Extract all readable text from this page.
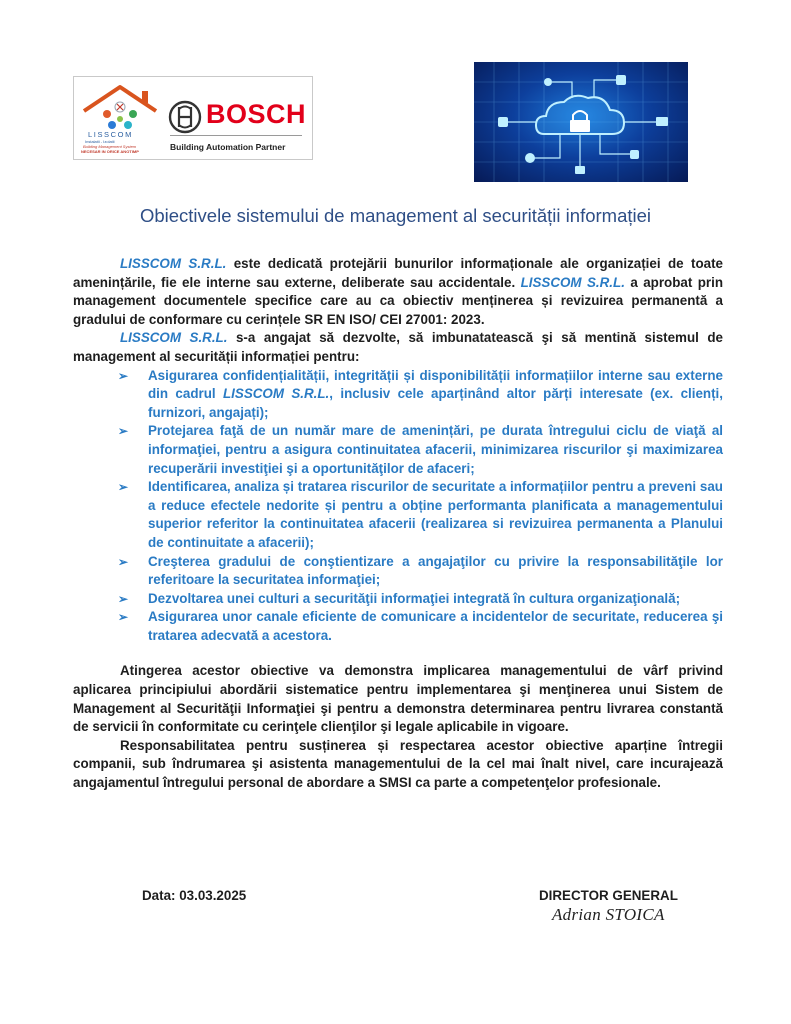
LISSCOM
Instalatii - Izolatii
Building Management System
NECESAR IN ORICE ANOTIMP
BOSCH
Building Automation Partner
Obiectivele sistemului de management al securității informației

LISSCOM S.R.L. este dedicată protejării bunurilor informaționale ale organizației de toate amenințările, fie ele interne sau externe, deliberate sau accidentale. LISSCOM S.R.L. a aprobat prin management documentele specifice care au ca obiectiv menținerea și revizuirea permanentă a gradului de conformare cu cerințele SR EN ISO/ CEI 27001: 2023.

LISSCOM S.R.L. s-a angajat să dezvolte, să imbunatatească şi să mentină sistemul de management al securității informației pentru:

➢ Asigurarea confidențialității, integrității și disponibilității informațiilor interne sau externe din cadrul LISSCOM S.R.L., inclusiv cele aparținând altor părți interesate (ex. clienți, furnizori, angajați);
➢ Protejarea faţă de un număr mare de amenințări, pe durata întregului ciclu de viaţă al informaţiei, pentru a asigura continuitatea afacerii, minimizarea riscurilor şi maximizarea recuperării investiţiei şi a oportunităţilor de afaceri;
➢ Identificarea, analiza și tratarea riscurilor de securitate a informațiilor pentru a preveni sau a reduce efectele nedorite și pentru a obține performanta planificata a managementului superior referitor la continuitatea afacerii (realizarea si revizuirea permanenta a Planului de continuitate a afacerii);
➢ Creşterea gradului de conştientizare a angajaţilor cu privire la responsabilităţile lor referitoare la securitatea informaţiei;
➢ Dezvoltarea unei culturi a securităţii informaţiei integrată în cultura organizaţională;
➢ Asigurarea unor canale eficiente de comunicare a incidentelor de securitate, reducerea şi tratarea adecvată a acestora.

Atingerea acestor obiective va demonstra implicarea managementului de vârf privind aplicarea principiului abordării sistematice pentru implementarea şi menţinerea unui Sistem de Management al Securităţii Informaţiei şi pentru a demonstra determinarea pentru livrarea constantă de servicii în conformitate cu cerinţele clienţilor şi legale aplicabile in vigoare.

Responsabilitatea pentru susținerea și respectarea acestor obiective aparține întregii companii, sub îndrumarea şi asistenta managementului de la cel mai înalt nivel, care incurajează angajamentul întregului personal de abordare a SMSI ca parte a competenţelor profesionale.

Data: 03.03.2025	DIRECTOR GENERAL
Adrian STOICA
